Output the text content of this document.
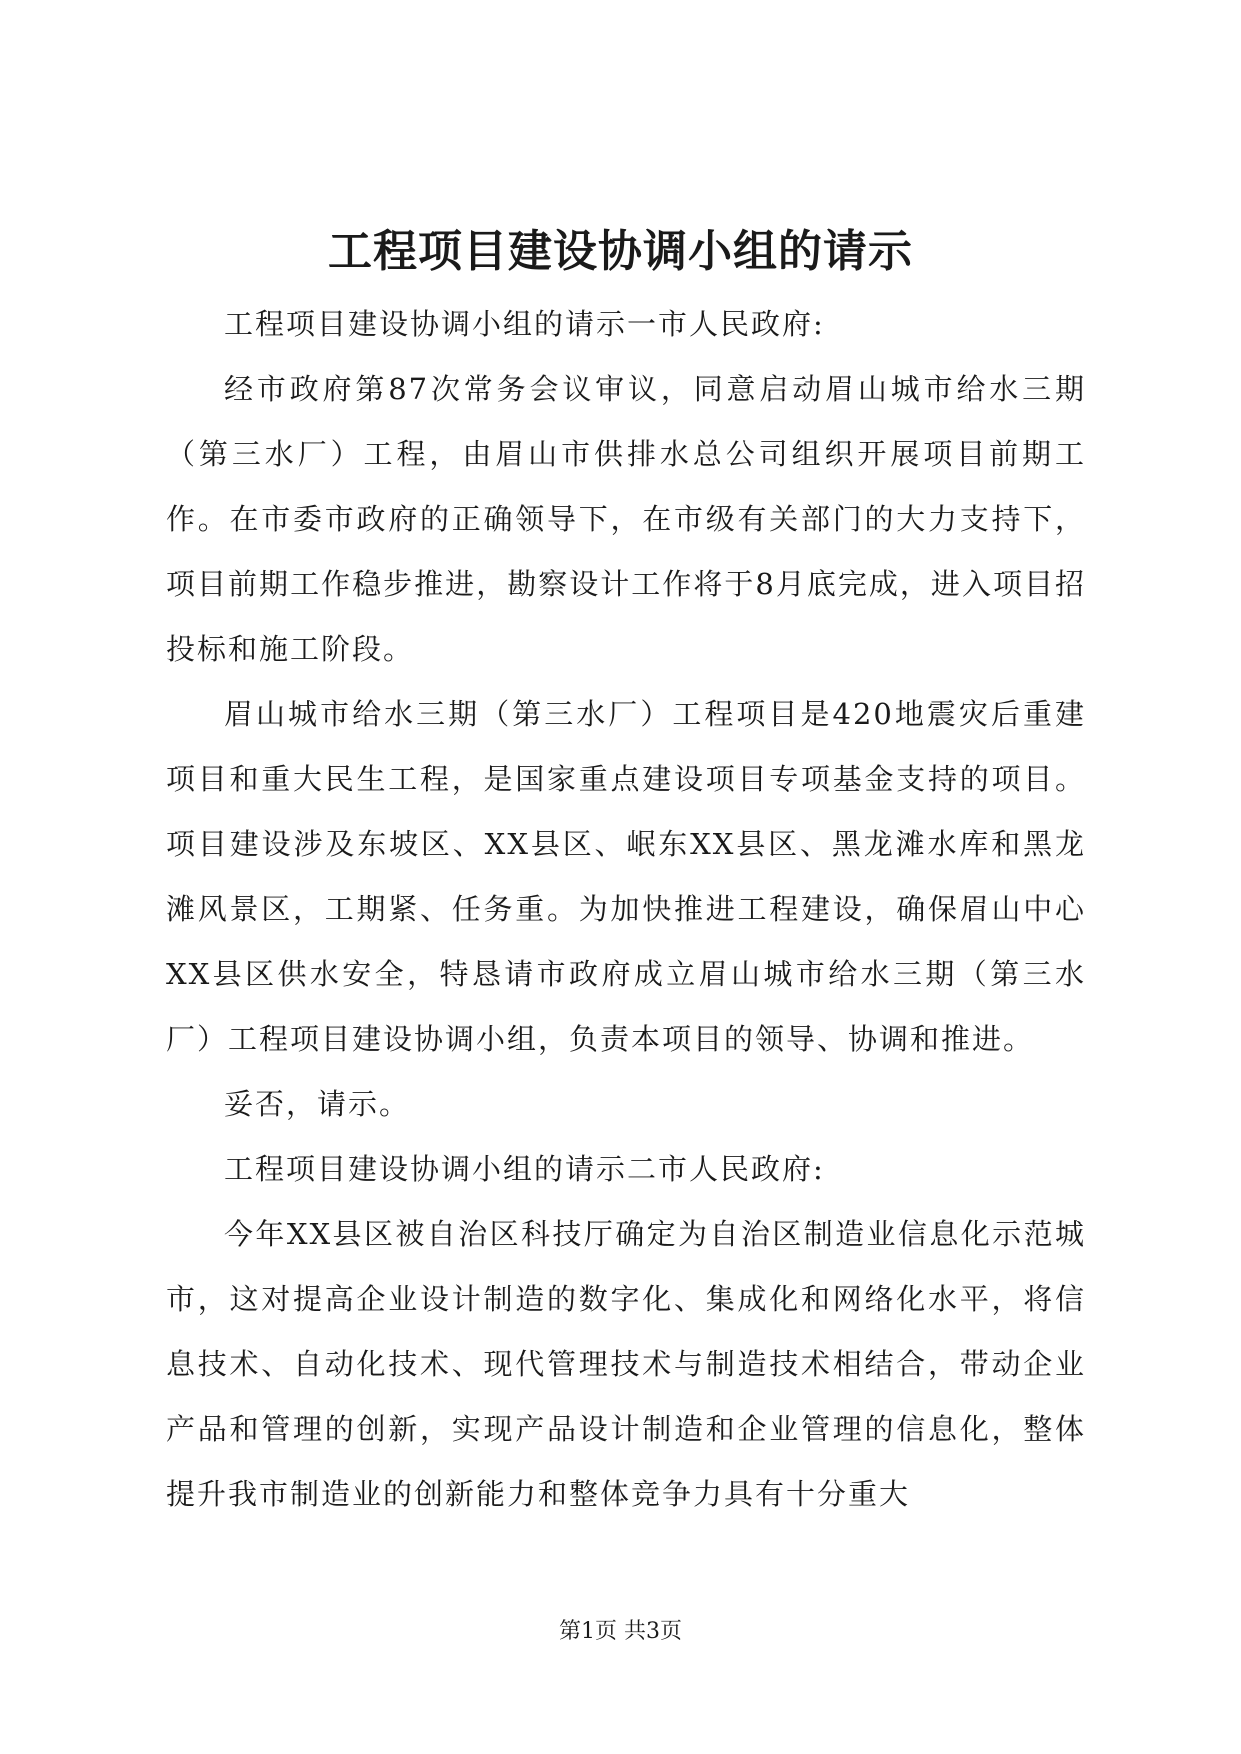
工程项目建设协调小组的请示

工程项目建设协调小组的请示一市人民政府:

经市政府第87次常务会议审议，同意启动眉山城市给水三期（第三水厂）工程，由眉山市供排水总公司组织开展项目前期工作。在市委市政府的正确领导下，在市级有关部门的大力支持下，项目前期工作稳步推进，勘察设计工作将于8月底完成，进入项目招投标和施工阶段。

眉山城市给水三期（第三水厂）工程项目是420地震灾后重建项目和重大民生工程，是国家重点建设项目专项基金支持的项目。项目建设涉及东坡区、XX县区、岷东XX县区、黑龙滩水库和黑龙滩风景区，工期紧、任务重。为加快推进工程建设，确保眉山中心XX县区供水安全，特恳请市政府成立眉山城市给水三期（第三水厂）工程项目建设协调小组，负责本项目的领导、协调和推进。

妥否，请示。

工程项目建设协调小组的请示二市人民政府:

今年XX县区被自治区科技厅确定为自治区制造业信息化示范城市，这对提高企业设计制造的数字化、集成化和网络化水平，将信息技术、自动化技术、现代管理技术与制造技术相结合，带动企业产品和管理的创新，实现产品设计制造和企业管理的信息化，整体提升我市制造业的创新能力和整体竞争力具有十分重大

第1页 共3页
